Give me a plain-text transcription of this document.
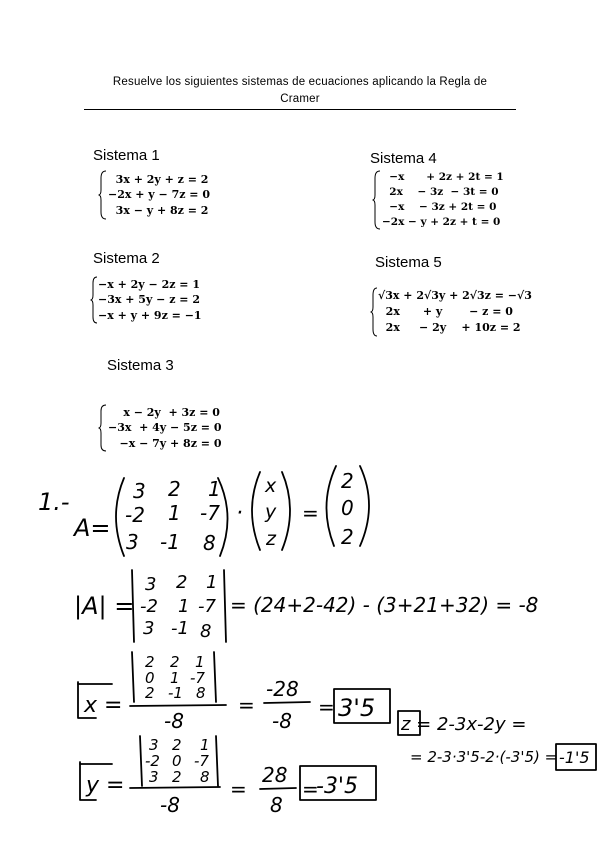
Resuelve los siguientes sistemas de ecuaciones aplicando la Regla de
Cramer
Sistema 1
3x + 2y + z = 2
−2x + y − 7z = 0
3x − y + 8z = 2
Sistema 2
−x + 2y − 2z = 1
−3x + 5y − z = 2
−x + y + 9z = −1
Sistema 3
x − 2y  + 3z = 0
−3x  + 4y − 5z = 0
−x − 7y + 8z = 0
Sistema 4
−x      + 2z + 2t = 1
2x    − 3z  − 3t = 0
−x    − 3z + 2t = 0
−2x − y + 2z + t = 0
Sistema 5
√3x + 2√3y + 2√3z = −√3
2x      + y       − z = 0
2x     − 2y    + 10z = 2
1.-
A=
3 2 1
-2 1 -7
3 -1 8
·
x
y
z
=
2
0
2
|A| =
3 2 1
-2 1 -7
3 -1 8
= (24+2-42) - (3+21+32) = -8
x =
2 2 1
0 1 -7
2 -1 8
-8
=
-28
-8
= 3'5
y =
3 2 1
-2 0 -7
3 2 8
-8
=
28
8
=
-3'5
z = 2-3x-2y =
= 2-3·3'5-2·(-3'5) = -1'5
